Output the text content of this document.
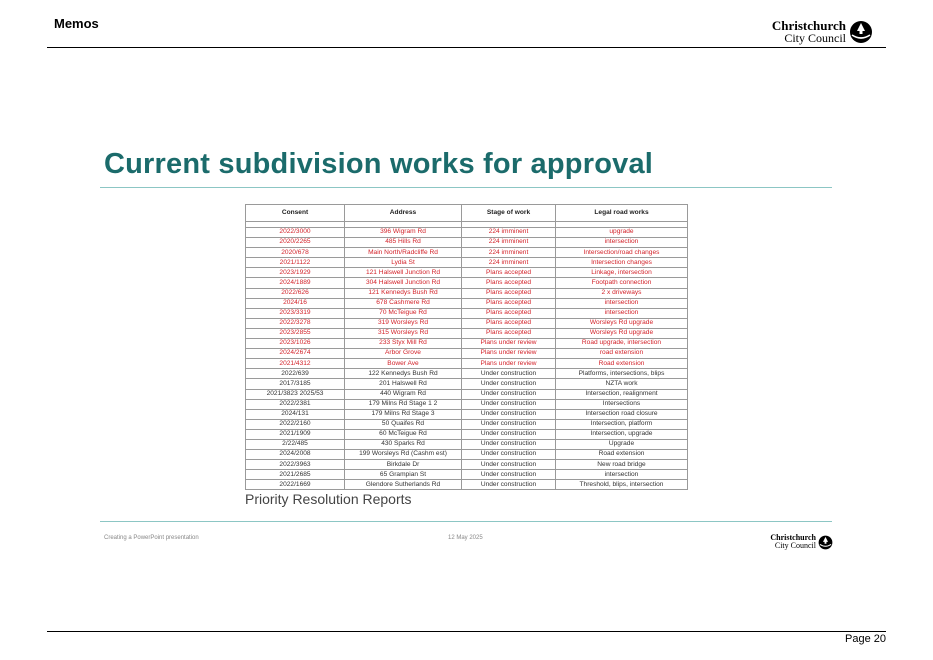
Memos	Christchurch
City Council
Current subdivision works for approval
Consent	Address	Stage of work	Legal road works

2022/3000	396 Wigram Rd	224 imminent	upgrade
2020/2265	485 Hills Rd	224 imminent	intersection
2020/678	Main North/Radcliffe Rd	224 imminent	Intersection/road changes
2021/1122	Lydia St	224 imminent	Intersection changes
2023/1929	121 Halswell Junction Rd	Plans accepted	Linkage, intersection
2024/1889	304 Halswell Junction Rd	Plans accepted	Footpath connection
2022/626	121 Kennedys Bush Rd	Plans accepted	2 x driveways
2024/16	678 Cashmere Rd	Plans accepted	intersection
2023/3319	70 McTeigue Rd	Plans accepted	intersection
2022/3278	319 Worsleys Rd	Plans accepted	Worsleys Rd upgrade
2023/2855	315 Worsleys Rd	Plans accepted	Worsleys Rd upgrade
2023/1026	233 Styx Mill Rd	Plans under review	Road upgrade, intersection
2024/2674	Arbor Grove	Plans under review	road extension
2021/4312	Bower Ave	Plans under review	Road extension
2022/639	122 Kennedys Bush Rd	Under construction	Platforms, intersections, blips
2017/3185	201 Halswell Rd	Under construction	NZTA work
2021/3823 2025/53	440 Wigram Rd	Under construction	Intersection, realignment
2022/2381	179 Milns Rd Stage 1 2	Under construction	Intersections
2024/131	179 Milns Rd Stage 3	Under construction	Intersection road closure
2022/2160	50 Quaifes Rd	Under construction	Intersection, platform
2021/1909	60 McTeigue Rd	Under construction	Intersection, upgrade
2/22/485	430 Sparks Rd	Under construction	Upgrade
2024/2008	199 Worsleys Rd (Cashm est)	Under construction	Road extension
2022/3963	Birkdale Dr	Under construction	New road bridge
2021/2685	65 Grampian St	Under construction	intersection
2022/1669	Glendore Sutherlands Rd	Under construction	Threshold, blips, intersection
Priority Resolution Reports
Creating a PowerPoint presentation	12 May 2025	Christchurch
City Council
Page 20
